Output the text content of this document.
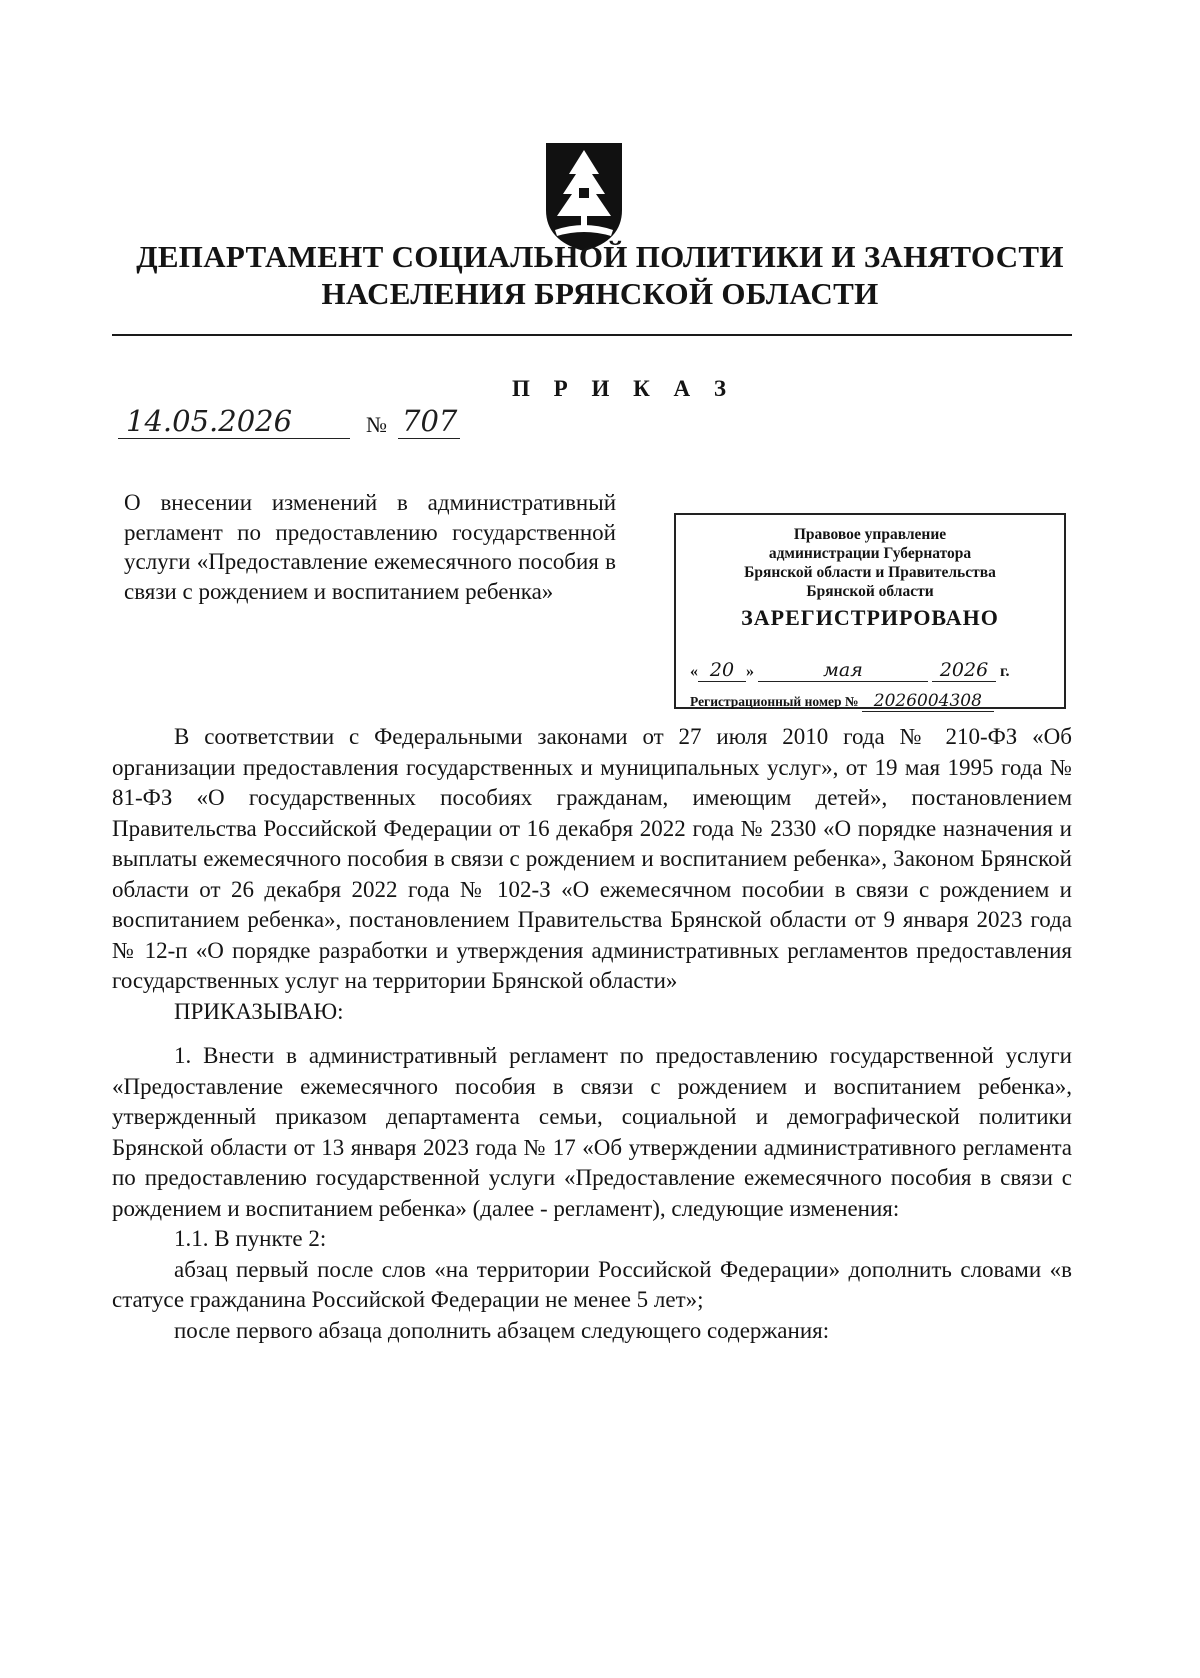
ДЕПАРТАМЕНТ СОЦИАЛЬНОЙ ПОЛИТИКИ И ЗАНЯТОСТИ
НАСЕЛЕНИЯ БРЯНСКОЙ ОБЛАСТИ
П Р И К А З
14.05.2026	№ 707
О внесении изменений в административный регламент по предоставлению государственной услуги «Предоставление ежемесячного пособия в связи с рождением и воспитанием ребенка»
Правовое управление
администрации Губернатора
Брянской области и Правительства
Брянской области
ЗАРЕГИСТРИРОВАНО
« 20 »	мая	2026 г.
Регистрационный номер № 2026004308

В соответствии с Федеральными законами от 27 июля 2010 года № 210-ФЗ «Об организации предоставления государственных и муниципальных услуг», от 19 мая 1995 года № 81-ФЗ «О государственных пособиях гражданам, имеющим детей», постановлением Правительства Российской Федерации от 16 декабря 2022 года № 2330 «О порядке назначения и выплаты ежемесячного пособия в связи с рождением и воспитанием ребенка», Законом Брянской области от 26 декабря 2022 года № 102-З «О ежемесячном пособии в связи с рождением и воспитанием ребенка», постановлением Правительства Брянской области от 9 января 2023 года № 12-п «О порядке разработки и утверждения административных регламентов предоставления государственных услуг на территории Брянской области»

ПРИКАЗЫВАЮ:

1. Внести в административный регламент по предоставлению государственной услуги «Предоставление ежемесячного пособия в связи с рождением и воспитанием ребенка», утвержденный приказом департамента семьи, социальной и демографической политики Брянской области от 13 января 2023 года № 17 «Об утверждении административного регламента по предоставлению государственной услуги «Предоставление ежемесячного пособия в связи с рождением и воспитанием ребенка» (далее - регламент), следующие изменения:

1.1. В пункте 2:

абзац первый после слов «на территории Российской Федерации» дополнить словами «в статусе гражданина Российской Федерации не менее 5 лет»;

после первого абзаца дополнить абзацем следующего содержания:
